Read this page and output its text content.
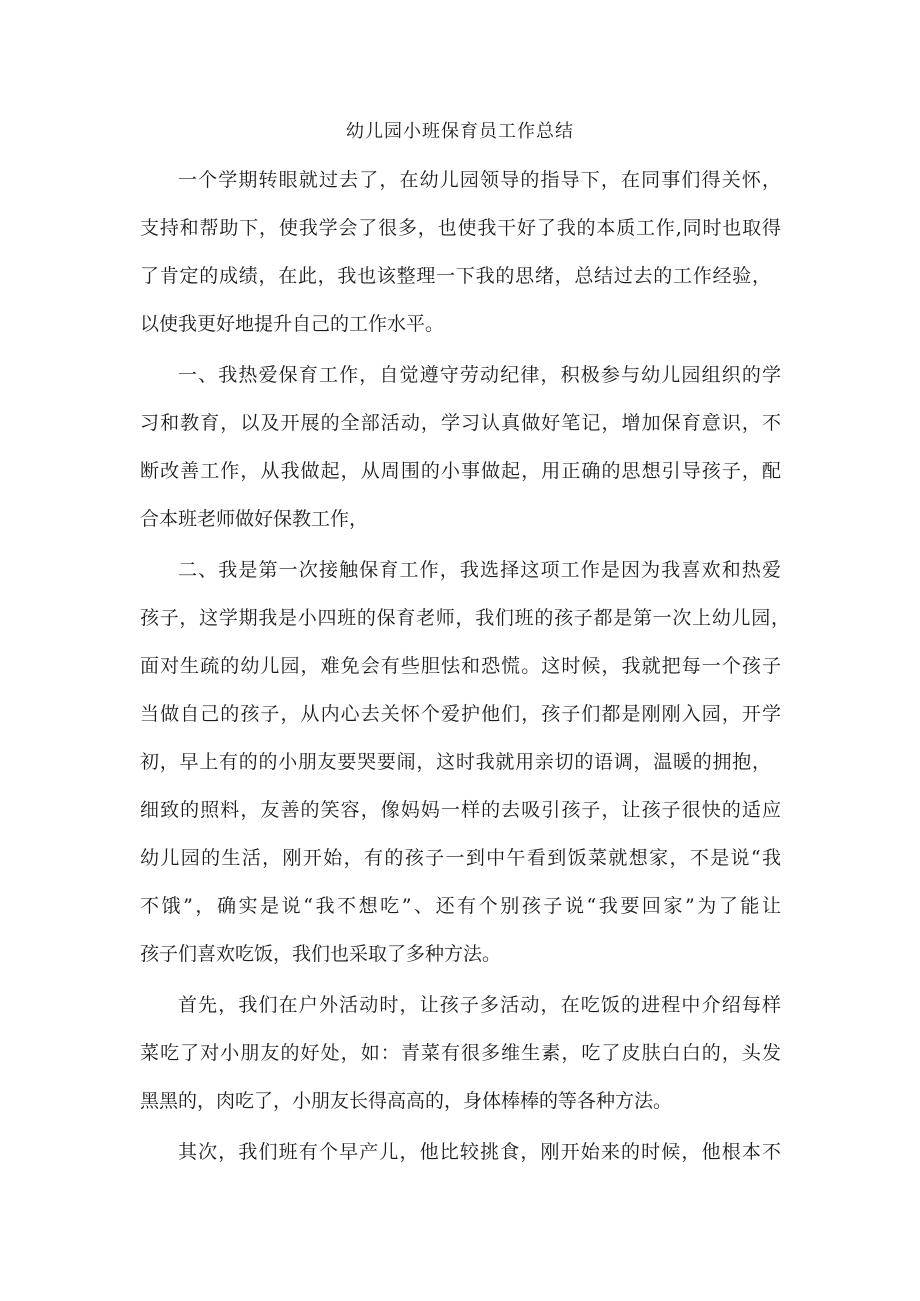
幼儿园小班保育员工作总结
一个学期转眼就过去了，在幼儿园领导的指导下，在同事们得关怀，
支持和帮助下，使我学会了很多，也使我干好了我的本质工作,同时也取得
了肯定的成绩，在此，我也该整理一下我的思绪，总结过去的工作经验，
以使我更好地提升自己的工作水平。
一、我热爱保育工作，自觉遵守劳动纪律，积极参与幼儿园组织的学
习和教育，以及开展的全部活动，学习认真做好笔记，增加保育意识，不
断改善工作，从我做起，从周围的小事做起，用正确的思想引导孩子，配
合本班老师做好保教工作，
二、我是第一次接触保育工作，我选择这项工作是因为我喜欢和热爱
孩子，这学期我是小四班的保育老师，我们班的孩子都是第一次上幼儿园，
面对生疏的幼儿园，难免会有些胆怯和恐慌。这时候，我就把每一个孩子
当做自己的孩子，从内心去关怀个爱护他们，孩子们都是刚刚入园，开学
初，早上有的的小朋友要哭要闹，这时我就用亲切的语调，温暖的拥抱，
细致的照料，友善的笑容，像妈妈一样的去吸引孩子，让孩子很快的适应
幼儿园的生活，刚开始，有的孩子一到中午看到饭菜就想家，不是说“我
不饿”，确实是说“我不想吃”、还有个别孩子说“我要回家”为了能让
孩子们喜欢吃饭，我们也采取了多种方法。
首先，我们在户外活动时，让孩子多活动，在吃饭的进程中介绍每样
菜吃了对小朋友的好处，如：青菜有很多维生素，吃了皮肤白白的，头发
黑黑的，肉吃了，小朋友长得高高的，身体棒棒的等各种方法。
其次，我们班有个早产儿，他比较挑食，刚开始来的时候，他根本不
